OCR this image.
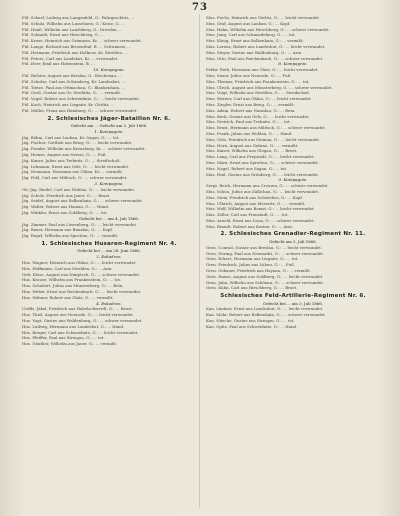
73

Fül. Scharf, Ludwig aus Langenfeld, G.: Fahrgeschütz, ...

Fül. Schulz, Wilhelm aus Lassehnen, G.: Kratz, G. ...

Fül. Hauß, Wilhelm aus Landsberg, G.: Dresden, ...

Fül. Schmidt, Ernst aus Hirschberg, G. ...

Fül. Kruse, Heinrich aus Grimmen, Kr. ... schwer verwundet.

Fül. Lange, Richard aus Biesenthal, B. ... Schwanow, ...

Fül. Hermann, Friedrich aus Hollnow, Kr. Strehlen, ...

Fül. Peters, Carl aus Landshut, Kr. ... verwundet.

Fül. Herr, Emil aus Hohenstein, B. ...

10. Kompagnie.

Fül. Richter, August aus Breslau, G.: Reichenau, ...

Fül. Schulze, Carl aus Schömberg, Kr. Landeshut, ...

Fül. Tietze, Paul aus Ottmachau, G.: Blankenhain, ...

Fül. Groß, Gustav aus Gr. Strehlitz, G.: ... vermißt.

Fül. Vogel, Robert aus Schweidnitz, G.: ... leicht verwundet.

Fül. Koch, Heinrich aus Liegnitz, Kr. Görlitz, ...

Fül. Müller, Franz aus Hamburg, G.: ... schwer verwundet.

2. Schlesisches Jäger-Bataillon Nr. 6.
Gefecht am ... Gefecht am 3. Juli 1866.
1. Kompagnie.

Jäg. Böhm, Carl aus Lauban, Kr. Sagan, G.: ... tot.

Jäg. Fischer, Gottlieb aus Brieg, G.: ... leicht verwundet.

Jäg. Franke, Wilhelm aus Kreuzburg, Kr. ... schwer verwundet.

Jäg. Heinze, August aus Neisse, G.: ... Fuß.

Jäg. Kunze, Julius aus Trebnitz, G.: ... Streifschuß.

Jäg. Lehmann, Ernst aus Oels, G.: ... leicht verwundet.

Jäg. Neumann, Hermann aus Ohlau, Kr. ... vermißt.

Jäg. Pohl, Carl aus Militsch, G.: ... schwer verwundet.

3. Kompagnie.

Ob.-Jäg. Riedel, Carl aus Wohlau, G.: ... leicht verwundet.

Jäg. Scholz, Friedrich aus Jauer, G.: ... Brust.

Jäg. Seidel, August aus Bolkenhain, G.: ... schwer verwundet.

Jäg. Walter, Robert aus Hainau, G.: ... Hand.

Jäg. Winkler, Ernst aus Goldberg, G.: ... tot.

Gefecht bei ... am 4. Juli 1866.

Jäg. Zimmer, Paul aus Löwenberg, G.: ... leicht verwundet.

Jäg. Bauer, Hermann aus Bunzlau, G.: ... Kopf.

Jäg. Engel, Wilhelm aus Sprottau, G.: ... vermißt.

1. Schlesisches Husaren-Regiment Nr. 4.
Gefecht bei ... am 28. Juni 1866.
2. Eskadron.

Hus. Wagner, Heinrich aus Ohlau, G.: ... leicht verwundet.

Hus. Hoffmann, Carl aus Strehlen, G.: ... Arm.

Gefr. Klose, August aus Nimptsch, G.: ... schwer verwundet.

Hus. Krause, Wilhelm aus Frankenstein, G.: ... tot.

Hus. Schubert, Julius aus Münsterberg, G.: ... Bein.

Hus. Weber, Ernst aus Reichenbach, G.: ... leicht verwundet.

Hus. Hübner, Robert aus Glatz, G.: ... vermißt.

4. Eskadron.

Untffz. Jäkel, Friedrich aus Habelschwerdt, G.: ... Brust.

Hus. Thiel, August aus Neurode, G.: ... leicht verwundet.

Hus. Vogt, Gustav aus Waldenburg, G.: ... schwer verwundet.

Hus. Ludwig, Hermann aus Landeshut, G.: ... Hand.

Hus. Berger, Carl aus Schweidnitz, G.: ... leicht verwundet.

Hus. Pfeiffer, Paul aus Striegau, G.: ... tot.

Hus. Günther, Wilhelm aus Jauer, G.: ... vermißt.

Mus. Fuchs, Heinrich aus Görlitz, G.: ... leicht verwundet.

Mus. Graf, August aus Lauban, G.: ... Kopf.

Mus. Hahn, Wilhelm aus Hirschberg, G.: ... schwer verwundet.

Mus. Jung, Carl aus Schmiedeberg, G.: ... tot.

Mus. König, Ernst aus Bolkenhain, G.: ... vermißt.

Mus. Lorenz, Robert aus Landeshut, G.: ... leicht verwundet.

Mus. Meyer, Gustav aus Waldenburg, G.: ... Arm.

Mus. Otto, Paul aus Reichenbach, G.: ... schwer verwundet.

8. Kompagnie.

Feldw. Roth, Hermann aus Glatz, G.: ... leicht verwundet.

Mus. Sauer, Julius aus Neurode, G.: ... Fuß.

Mus. Thomas, Friedrich aus Frankenstein, G.: ... tot.

Mus. Ulrich, August aus Münsterberg, G.: ... schwer verwundet.

Mus. Voigt, Wilhelm aus Strehlen, G.: ... Streifschuß.

Mus. Werner, Carl aus Ohlau, G.: ... leicht verwundet.

Mus. Ziegler, Ernst aus Brieg, G.: ... vermißt.

Mus. Adam, Robert aus Namslau, G.: ... Bein.

Mus. Beck, Gustav aus Oels, G.: ... leicht verwundet.

Mus. Dietrich, Paul aus Trebnitz, G.: ... tot.

Mus. Ernst, Hermann aus Militsch, G.: ... schwer verwundet.

Mus. Frank, Julius aus Wohlau, G.: ... Hand.

Mus. Götz, Friedrich aus Steinau, G.: ... leicht verwundet.

Mus. Horn, August aus Guhrau, G.: ... vermißt.

Mus. Kaiser, Wilhelm aus Glogau, G.: ... Brust.

Mus. Lang, Carl aus Freystadt, G.: ... leicht verwundet.

Mus. Marx, Ernst aus Sprottau, G.: ... schwer verwundet.

Mus. Nagel, Robert aus Sagan, G.: ... tot.

Mus. Paul, Gustav aus Grünberg, G.: ... leicht verwundet.

9. Kompagnie.

Sergt. Reich, Hermann aus Crossen, G.: ... schwer verwundet.

Mus. Schön, Julius aus Züllichau, G.: ... leicht verwundet.

Mus. Stein, Friedrich aus Schwiebus, G.: ... Kopf.

Mus. Ulbrich, August aus Meseritz, G.: ... vermißt.

Mus. Wolf, Wilhelm aus Bomst, G.: ... leicht verwundet.

Mus. Zeller, Carl aus Fraustadt, G.: ... tot.

Mus. Arnold, Ernst aus Lissa, G.: ... schwer verwundet.

Mus. Brandt, Robert aus Kosten, G.: ... Arm.

2. Schlesisches Grenadier-Regiment Nr. 11.
Gefecht am 3. Juli 1866.

Gren. Conrad, Gustav aus Breslau, G.: ... leicht verwundet.

Gren. Döring, Paul aus Neumarkt, G.: ... schwer verwundet.

Gren. Eckert, Hermann aus Liegnitz, G.: ... tot.

Gren. Friedrich, Julius aus Lüben, G.: ... Fuß.

Gren. Gebauer, Friedrich aus Haynau, G.: ... vermißt.

Gren. Haase, August aus Goldberg, G.: ... leicht verwundet.

Gren. Jahn, Wilhelm aus Schönau, G.: ... schwer verwundet.

Gren. Kühn, Carl aus Hirschberg, G.: ... Brust.

Schlesisches Feld-Artillerie-Regiment Nr. 6.
Gefecht bei ... am 3. Juli 1866.

Kan. Lindner, Ernst aus Landeshut, G.: ... leicht verwundet.

Kan. Mohr, Robert aus Bolkenhain, G.: ... schwer verwundet.

Kan. Nitsche, Gustav aus Striegau, G.: ... tot.

Kan. Opitz, Paul aus Schweidnitz, G.: ... Hand.
